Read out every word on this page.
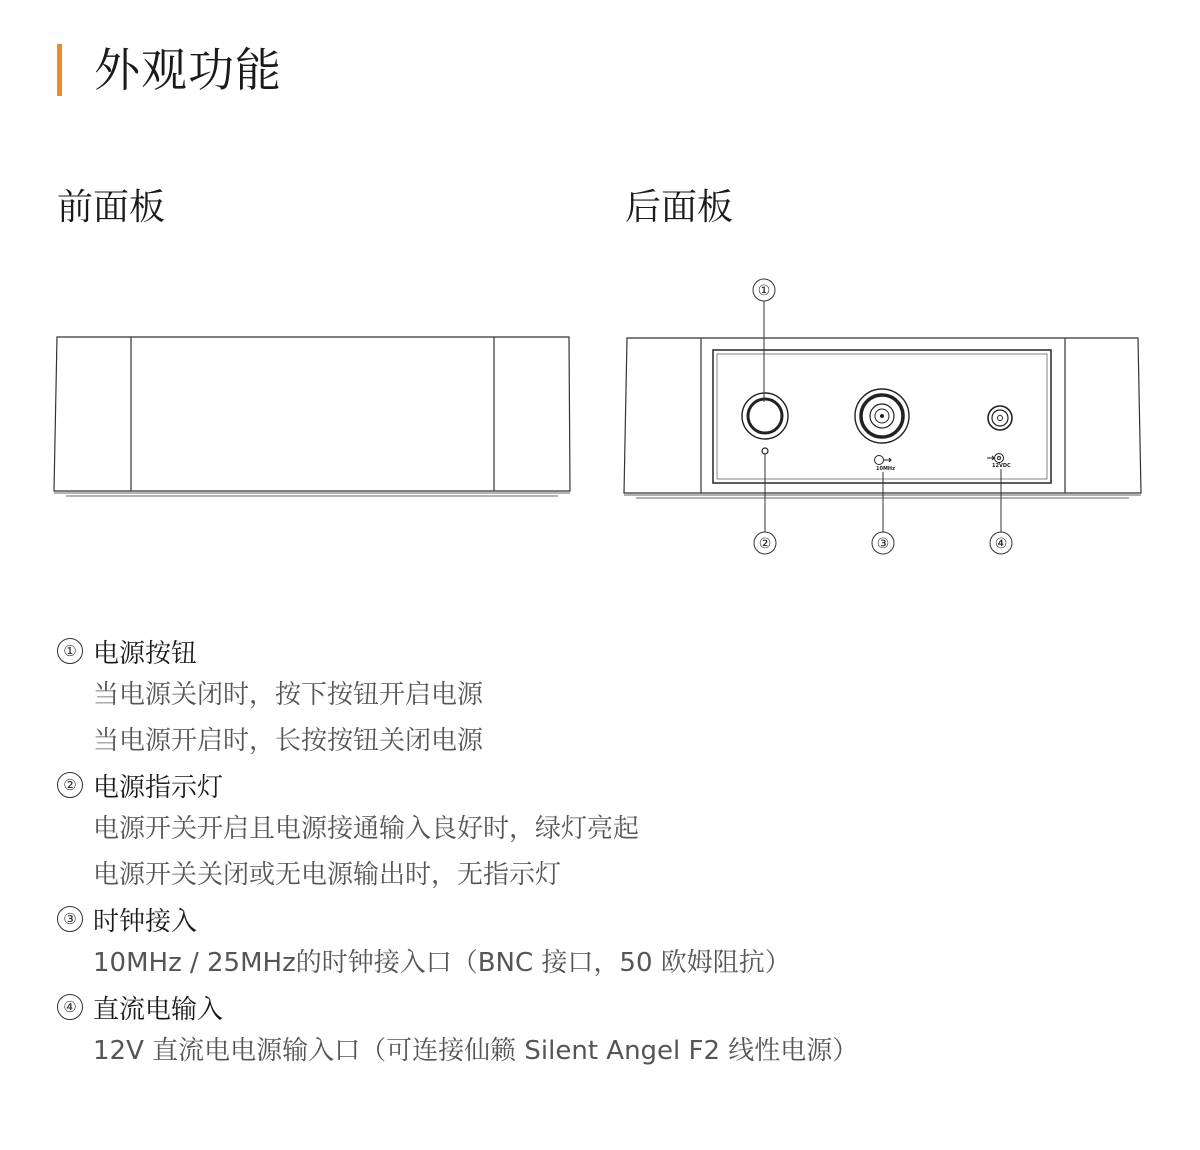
外观功能
前面板	后面板
10MHz	12VDC
①
②	③	④
① 电源按钮
当电源关闭时，按下按钮开启电源
当电源开启时，长按按钮关闭电源
② 电源指示灯
电源开关开启且电源接通输入良好时，绿灯亮起
电源开关关闭或无电源输出时，无指示灯
③ 时钟接入
10MHz / 25MHz的时钟接入口（BNC 接口，50 欧姆阻抗）
④ 直流电输入
12V 直流电电源输入口（可连接仙籁 Silent Angel F2 线性电源）
